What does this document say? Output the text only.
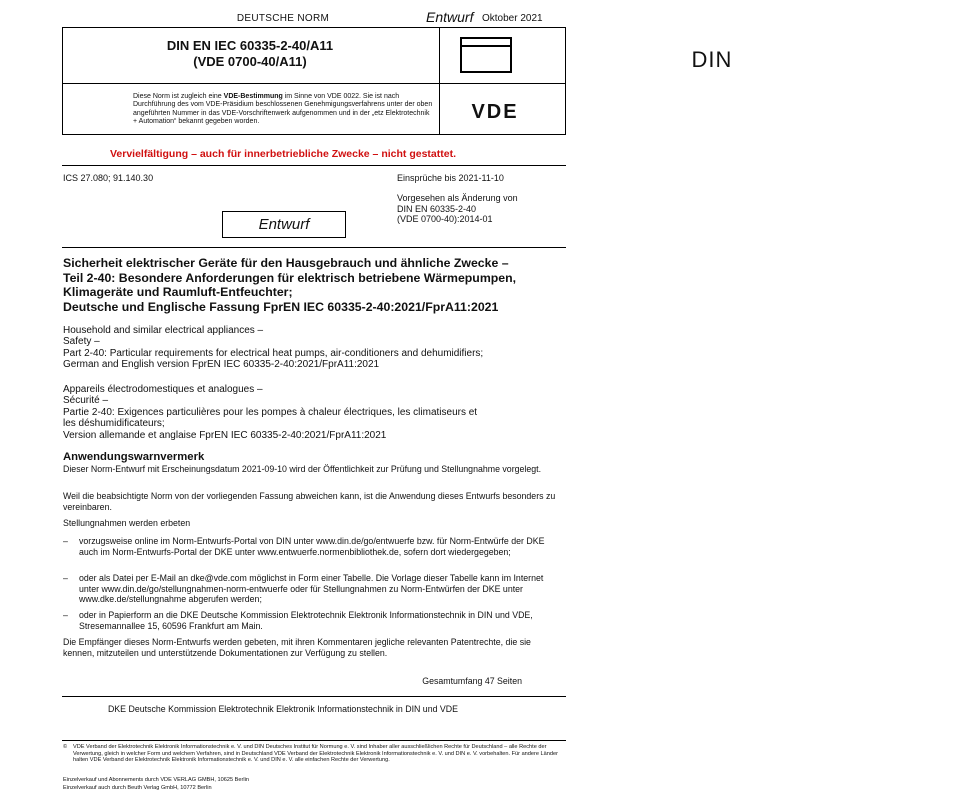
DEUTSCHE NORM	Entwurf Oktober 2021
DIN EN IEC 60335-2-40/A11
(VDE 0700-40/A11)	DIN
Diese Norm ist zugleich eine VDE-Bestimmung im Sinne von VDE 0022. Sie ist nach Durchführung des vom VDE-Präsidium beschlossenen Genehmigungsverfahrens unter der oben angeführten Nummer in das VDE-Vorschriftenwerk aufgenommen und in der „etz Elektrotechnik + Automation“ bekannt gegeben worden.	VDE
Vervielfältigung – auch für innerbetriebliche Zwecke – nicht gestattet.
ICS 27.080; 91.140.30	Einsprüche bis 2021-11-10
Vorgesehen als Änderung von
DIN EN 60335-2-40
(VDE 0700-40):2014-01
Entwurf
Sicherheit elektrischer Geräte für den Hausgebrauch und ähnliche Zwecke –
Teil 2-40: Besondere Anforderungen für elektrisch betriebene Wärmepumpen,
Klimageräte und Raumluft-Entfeuchter;
Deutsche und Englische Fassung FprEN IEC 60335-2-40:2021/FprA11:2021
Household and similar electrical appliances –
Safety –
Part 2-40: Particular requirements for electrical heat pumps, air-conditioners and dehumidifiers;
German and English version FprEN IEC 60335-2-40:2021/FprA11:2021
Appareils électrodomestiques et analogues –
Sécurité –
Partie 2-40: Exigences particulières pour les pompes à chaleur électriques, les climatiseurs et
les déshumidificateurs;
Version allemande et anglaise FprEN IEC 60335-2-40:2021/FprA11:2021
Anwendungswarnvermerk
Dieser Norm-Entwurf mit Erscheinungsdatum 2021-09-10 wird der Öffentlichkeit zur Prüfung und Stellungnahme vorgelegt.
Weil die beabsichtigte Norm von der vorliegenden Fassung abweichen kann, ist die Anwendung dieses Entwurfs besonders zu vereinbaren.
Stellungnahmen werden erbeten
– vorzugsweise online im Norm-Entwurfs-Portal von DIN unter www.din.de/go/entwuerfe bzw. für Norm-Entwürfe der DKE auch im Norm-Entwurfs-Portal der DKE unter www.entwuerfe.normenbibliothek.de, sofern dort wiedergegeben;
– oder als Datei per E-Mail an dke@vde.com möglichst in Form einer Tabelle. Die Vorlage dieser Tabelle kann im Internet unter www.din.de/go/stellungnahmen-norm-entwuerfe oder für Stellungnahmen zu Norm-Entwürfen der DKE unter www.dke.de/stellungnahme abgerufen werden;
– oder in Papierform an die DKE Deutsche Kommission Elektrotechnik Elektronik Informationstechnik in DIN und VDE, Stresemannallee 15, 60596 Frankfurt am Main.
Die Empfänger dieses Norm-Entwurfs werden gebeten, mit ihren Kommentaren jegliche relevanten Patentrechte, die sie kennen, mitzuteilen und unterstützende Dokumentationen zur Verfügung zu stellen.
Gesamtumfang 47 Seiten
DKE Deutsche Kommission Elektrotechnik Elektronik Informationstechnik in DIN und VDE
© VDE Verband der Elektrotechnik Elektronik Informationstechnik e. V. und DIN Deutsches Institut für Normung e. V. sind Inhaber aller ausschließlichen Rechte für Deutschland – alle Rechte der Verwertung, gleich in welcher Form und welchem Verfahren, sind in Deutschland VDE Verband der Elektrotechnik Elektronik Informationstechnik e. V. und DIN e. V. vorbehalten. Für andere Länder halten VDE Verband der Elektrotechnik Elektronik Informationstechnik e. V. und DIN e. V. alle einfachen Rechte der Verwertung.
Einzelverkauf und Abonnements durch VDE VERLAG GMBH, 10625 Berlin
Einzelverkauf auch durch Beuth Verlag GmbH, 10772 Berlin
